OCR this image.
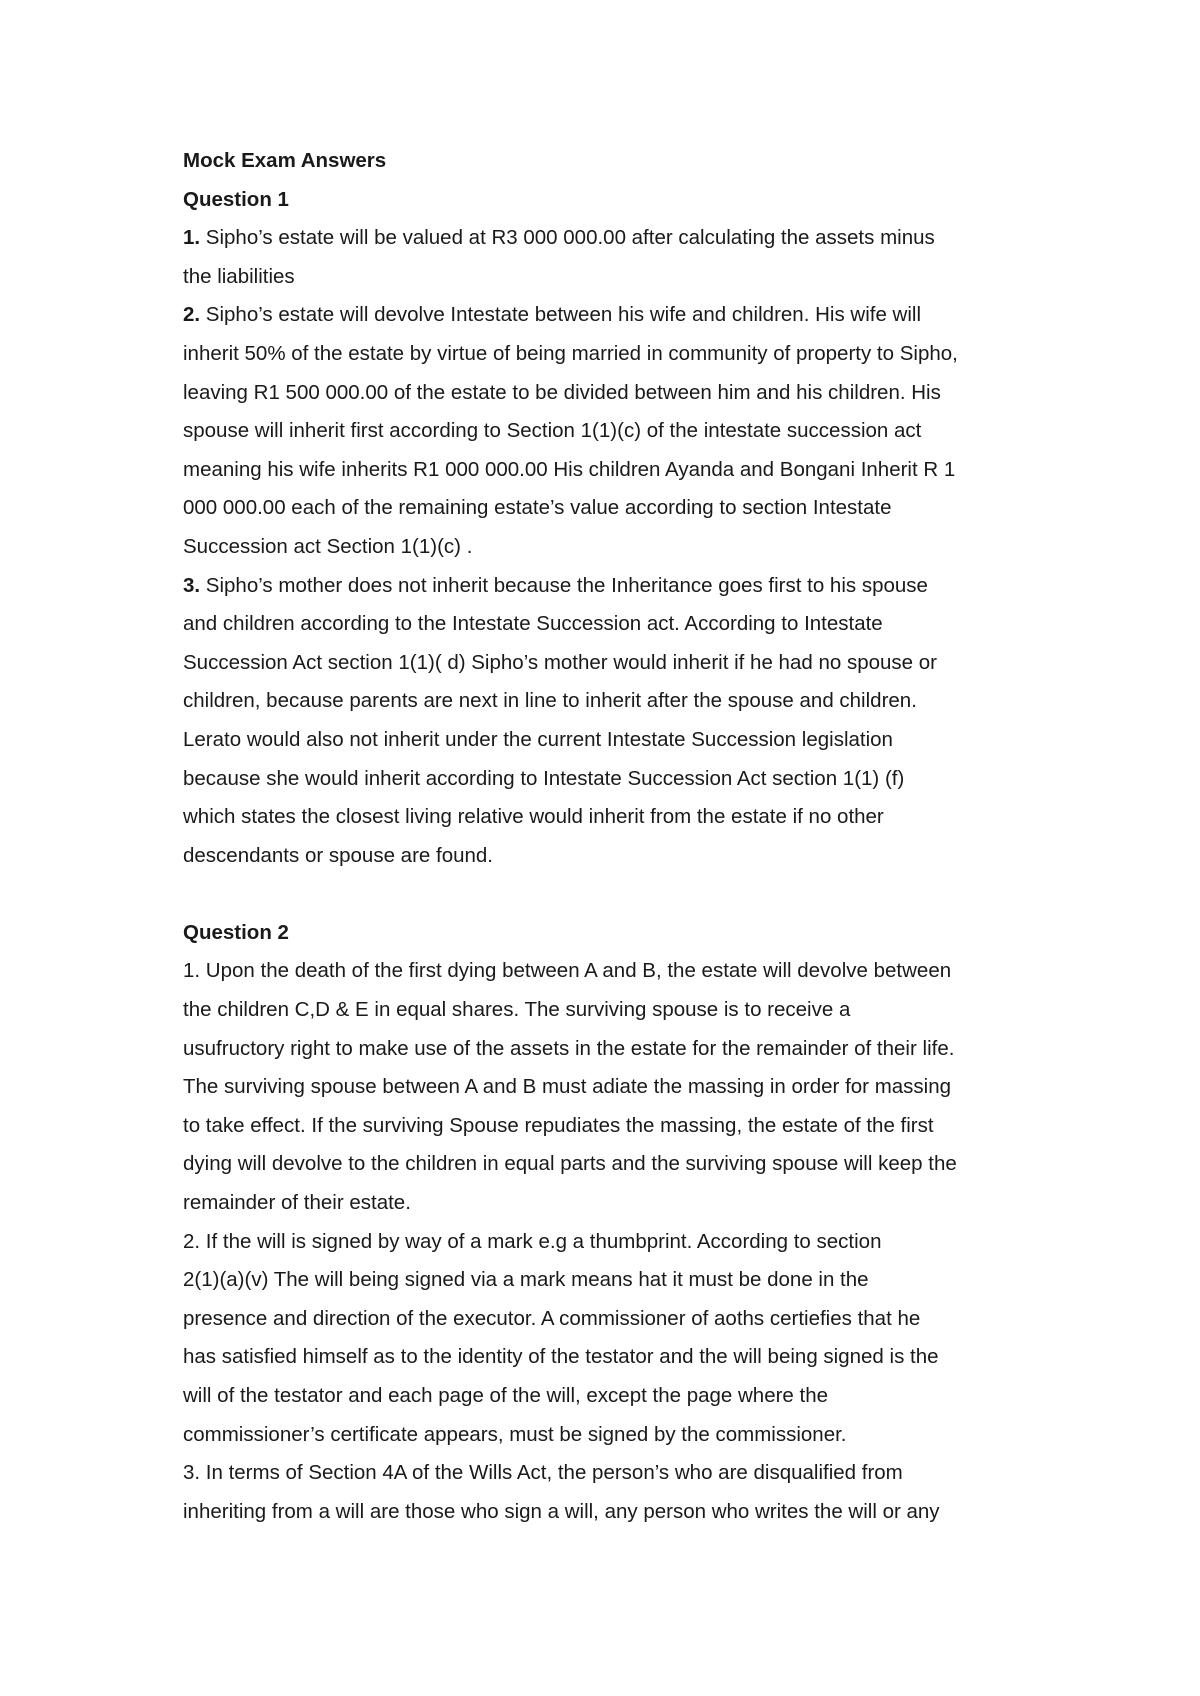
Mock Exam Answers
Question 1
1. Sipho’s estate will be valued at R3 000 000.00 after calculating the assets minus
the liabilities
2. Sipho’s estate will devolve Intestate between his wife and children. His wife will
inherit 50% of the estate by virtue of being married in community of property to Sipho,
leaving R1 500 000.00 of the estate to be divided between him and his children. His
spouse will inherit first according to Section 1(1)(c) of the intestate succession act
meaning his wife inherits R1 000 000.00 His children Ayanda and Bongani Inherit R 1
000 000.00 each of the remaining estate’s value according to section Intestate
Succession act Section 1(1)(c) .
3. Sipho’s mother does not inherit because the Inheritance goes first to his spouse
and children according to the Intestate Succession act. According to Intestate
Succession Act section 1(1)( d) Sipho’s mother would inherit if he had no spouse or
children, because parents are next in line to inherit after the spouse and children.
Lerato would also not inherit under the current Intestate Succession legislation
because she would inherit according to Intestate Succession Act section 1(1) (f)
which states the closest living relative would inherit from the estate if no other
descendants or spouse are found.
Question 2
1. Upon the death of the first dying between A and B, the estate will devolve between
the children C,D & E in equal shares. The surviving spouse is to receive a
usufructory right to make use of the assets in the estate for the remainder of their life.
The surviving spouse between A and B must adiate the massing in order for massing
to take effect. If the surviving Spouse repudiates the massing, the estate of the first
dying will devolve to the children in equal parts and the surviving spouse will keep the
remainder of their estate.
2. If the will is signed by way of a mark e.g a thumbprint. According to section
2(1)(a)(v) The will being signed via a mark means hat it must be done in the
presence and direction of the executor. A commissioner of aoths certiefies that he
has satisfied himself as to the identity of the testator and the will being signed is the
will of the testator and each page of the will, except the page where the
commissioner’s certificate appears, must be signed by the commissioner.
3. In terms of Section 4A of the Wills Act, the person’s who are disqualified from
inheriting from a will are those who sign a will, any person who writes the will or any
